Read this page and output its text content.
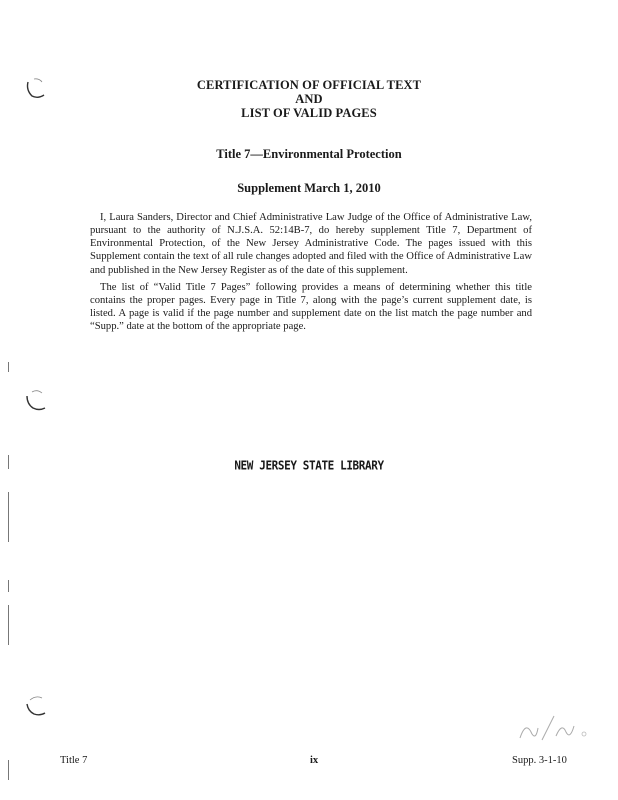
CERTIFICATION OF OFFICIAL TEXT
AND
LIST OF VALID PAGES
Title 7—Environmental Protection
Supplement March 1, 2010

I, Laura Sanders, Director and Chief Administrative Law Judge of the Office of Administrative Law, pursuant to the authority of N.J.S.A. 52:14B-7, do hereby supplement Title 7, Department of Environmental Protection, of the New Jersey Administrative Code. The pages issued with this Supplement contain the text of all rule changes adopted and filed with the Office of Administrative Law and published in the New Jersey Register as of the date of this supplement.

The list of “Valid Title 7 Pages” following provides a means of determining whether this title contains the proper pages. Every page in Title 7, along with the page’s current supplement date, is listed. A page is valid if the page number and supplement date on the list match the page number and “Supp.” date at the bottom of the appropriate page.

NEW JERSEY STATE LIBRARY
Title 7	ix	Supp. 3-1-10
